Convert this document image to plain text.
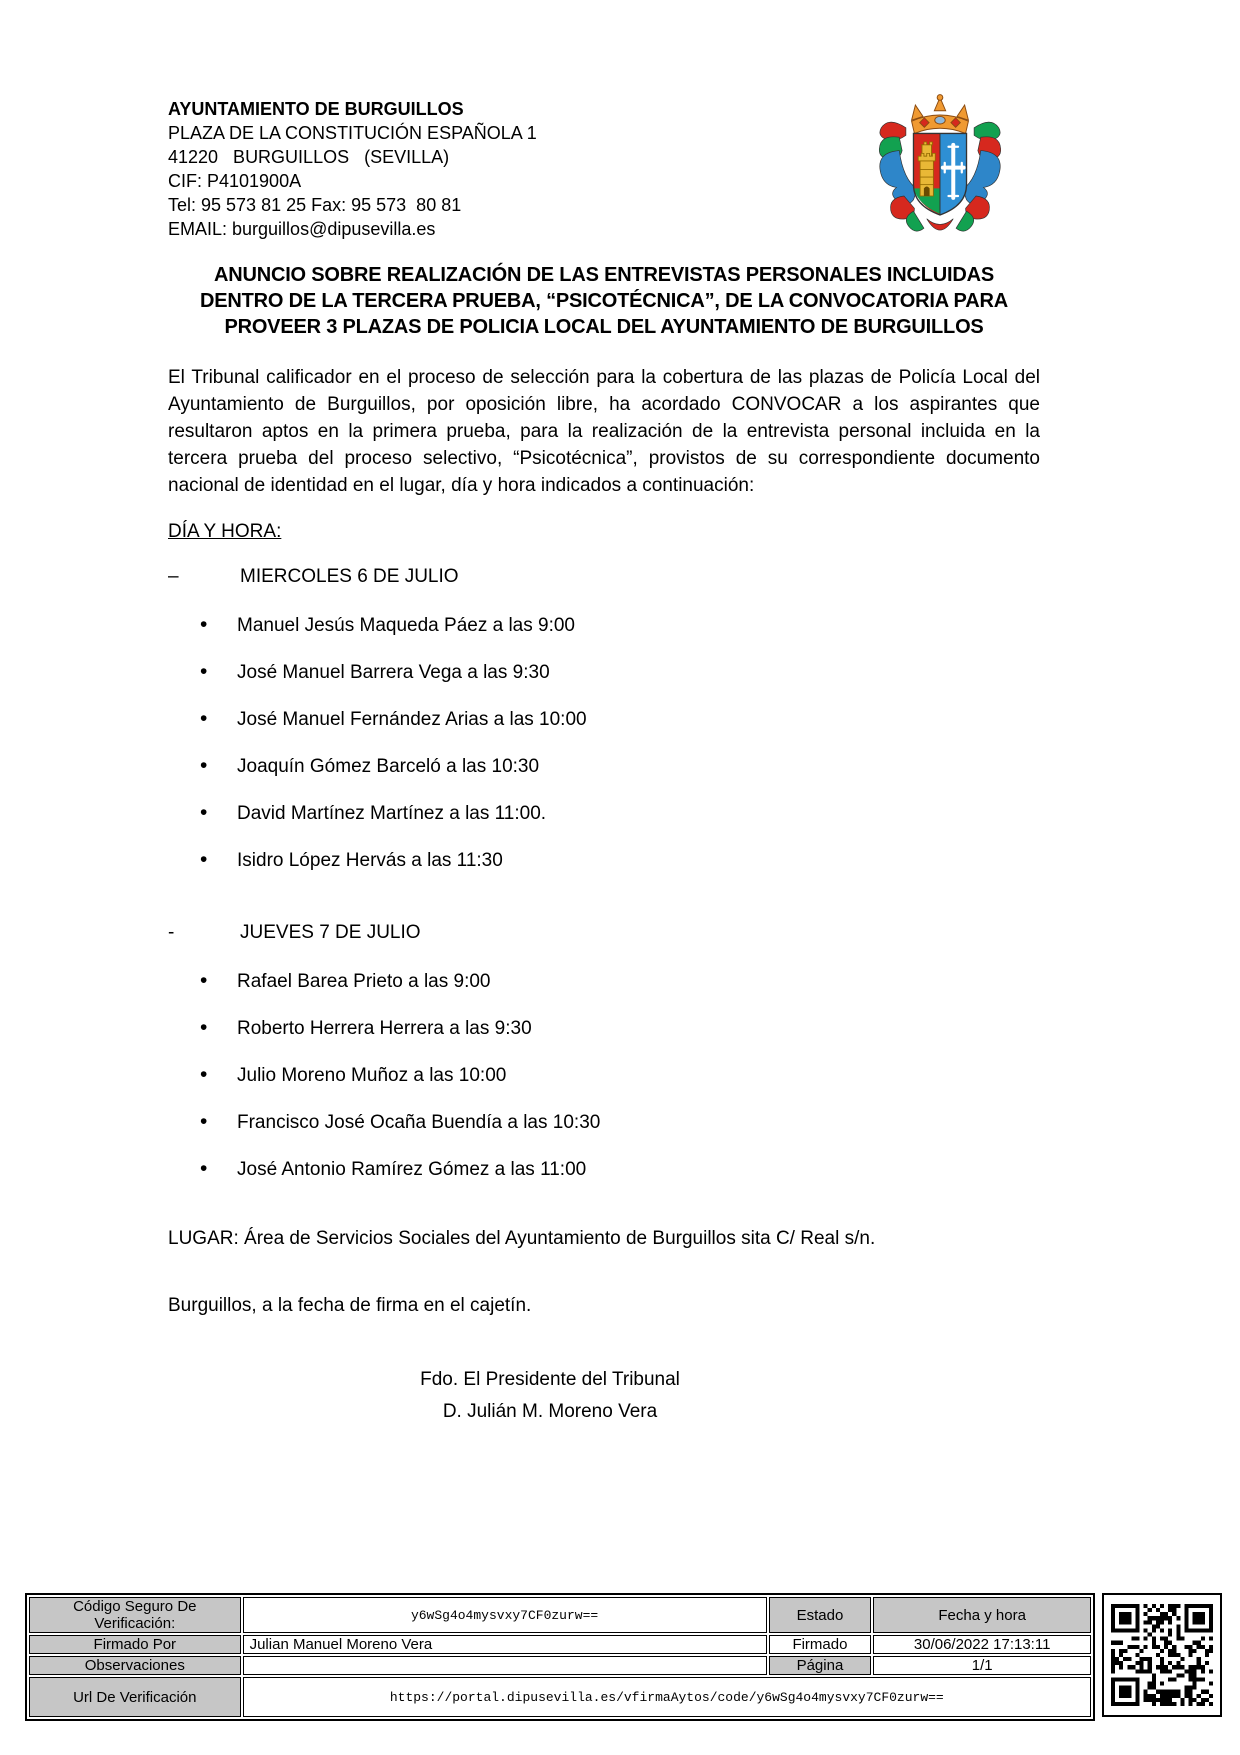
AYUNTAMIENTO DE BURGUILLOS
PLAZA DE LA CONSTITUCIÓN ESPAÑOLA 1
41220   BURGUILLOS   (SEVILLA)
CIF: P4101900A
Tel: 95 573 81 25 Fax: 95 573  80 81
EMAIL: burguillos@dipusevilla.es
ANUNCIO SOBRE REALIZACIÓN DE LAS ENTREVISTAS PERSONALES INCLUIDAS
DENTRO DE LA TERCERA PRUEBA, “PSICOTÉCNICA”, DE LA CONVOCATORIA PARA
PROVEER 3 PLAZAS DE POLICIA LOCAL DEL AYUNTAMIENTO DE BURGUILLOS
El Tribunal calificador en el proceso de selección para la cobertura de las plazas de Policía Local del Ayuntamiento de Burguillos, por oposición libre, ha acordado CONVOCAR a los aspirantes que resultaron aptos en la primera prueba, para la realización de la entrevista personal incluida en la tercera prueba del proceso selectivo, “Psicotécnica”, provistos de su correspondiente documento nacional de identidad en el lugar, día y hora indicados a continuación:
DÍA Y HORA:
–	MIERCOLES 6 DE JULIO
• Manuel Jesús Maqueda Páez a las 9:00
• José Manuel Barrera Vega a las 9:30
• José Manuel Fernández Arias a las 10:00
• Joaquín Gómez Barceló a las 10:30
• David Martínez Martínez a las 11:00.
• Isidro López Hervás a las 11:30
-	JUEVES 7 DE JULIO
• Rafael Barea Prieto a las 9:00
• Roberto Herrera Herrera a las 9:30
• Julio Moreno Muñoz a las 10:00
• Francisco José Ocaña Buendía a las 10:30
• José Antonio Ramírez Gómez a las 11:00
LUGAR: Área de Servicios Sociales del Ayuntamiento de Burguillos sita C/ Real s/n.
Burguillos, a la fecha de firma en el cajetín.
Fdo. El Presidente del Tribunal
D. Julián M. Moreno Vera
Código Seguro De Verificación:	y6wSg4o4mysvxy7CF0zurw==	Estado	Fecha y hora
Firmado Por	Julian Manuel Moreno Vera	Firmado	30/06/2022 17:13:11
Observaciones		Página	1/1
Url De Verificación	https://portal.dipusevilla.es/vfirmaAytos/code/y6wSg4o4mysvxy7CF0zurw==		
